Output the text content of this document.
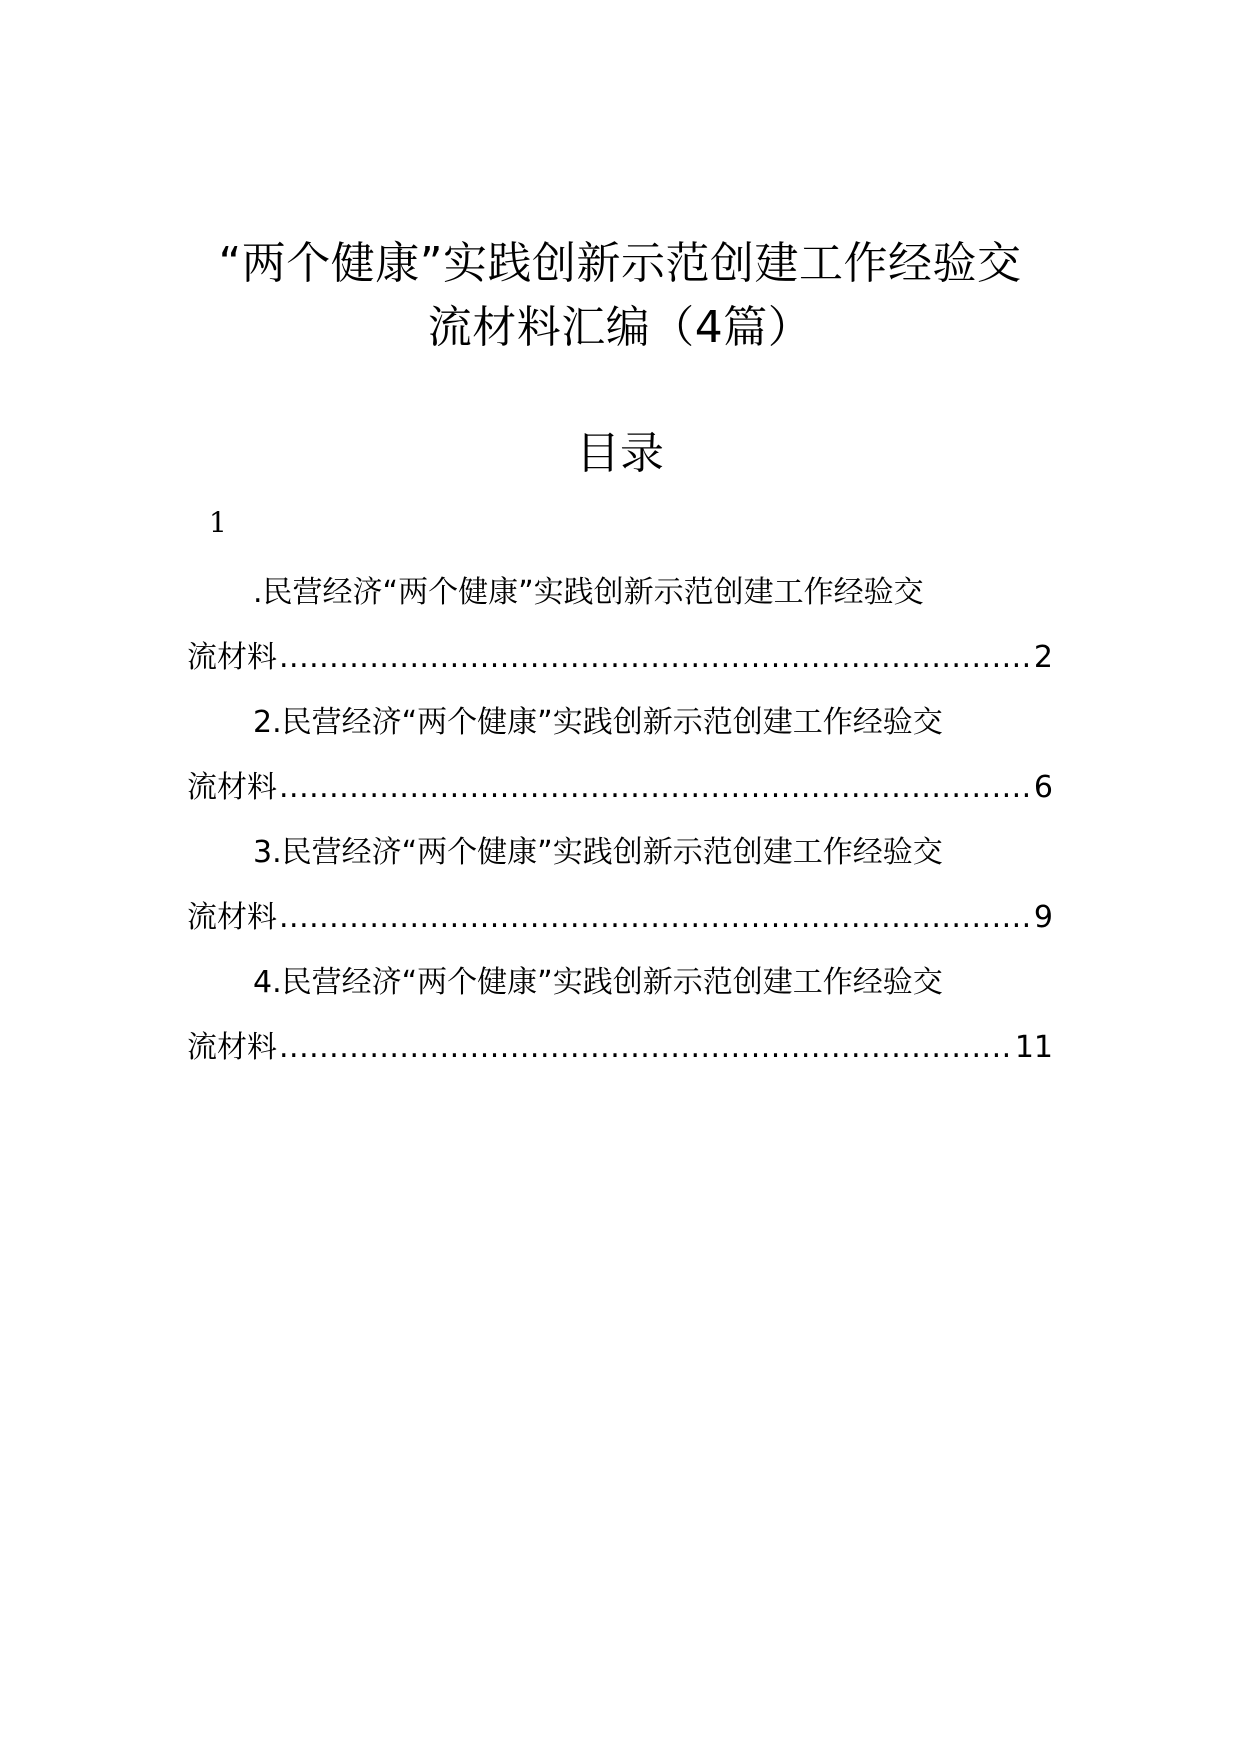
“两个健康”实践创新示范创建工作经验交
流材料汇编（4篇）
目录
1
.民营经济“两个健康”实践创新示范创建工作经验交
流材料 .....	2
2.民营经济“两个健康”实践创新示范创建工作经验交
流材料 .....	6
3.民营经济“两个健康”实践创新示范创建工作经验交
流材料 .....	9
4.民营经济“两个健康”实践创新示范创建工作经验交
流材料 .....	11
